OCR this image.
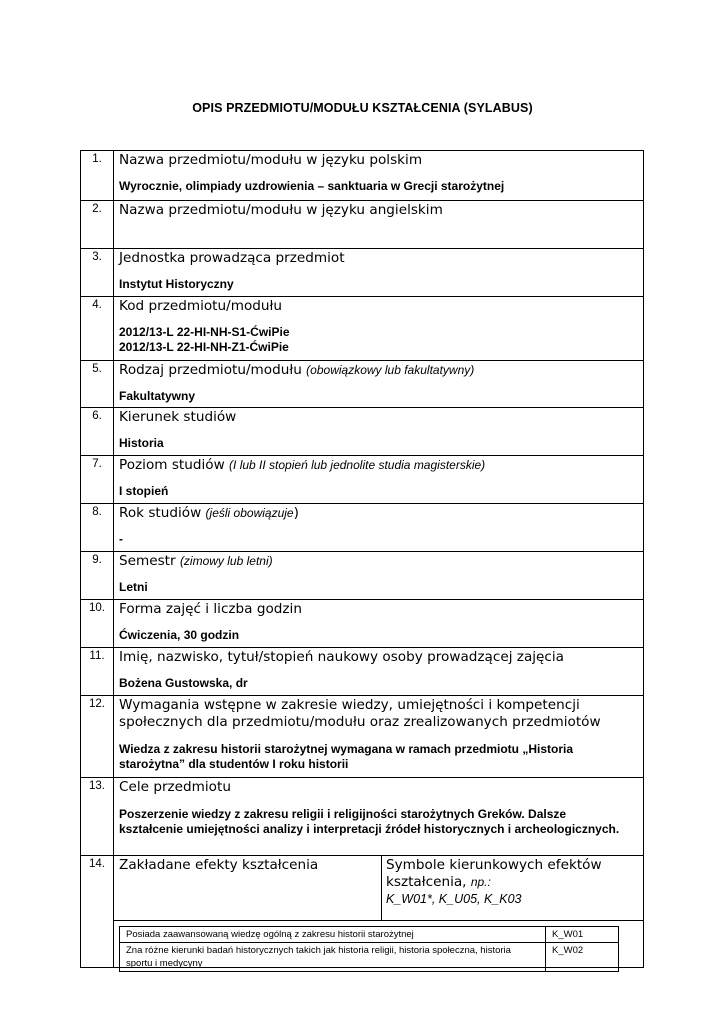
OPIS PRZEDMIOTU/MODUŁU KSZTAŁCENIA (SYLABUS)
1.	Nazwa przedmiotu/modułu w języku polskim
Wyrocznie, olimpiady uzdrowienia – sanktuaria w Grecji starożytnej
2.	Nazwa przedmiotu/modułu w języku angielskim
3.	Jednostka prowadząca przedmiot
Instytut Historyczny
4.	Kod przedmiotu/modułu
2012/13-L 22-HI-NH-S1-ĆwiPie
2012/13-L 22-HI-NH-Z1-ĆwiPie
5.	Rodzaj przedmiotu/modułu (obowiązkowy lub fakultatywny)
Fakultatywny
6.	Kierunek studiów
Historia
7.	Poziom studiów (I lub II stopień lub jednolite studia magisterskie)
I stopień
8.	Rok studiów (jeśli obowiązuje)
-
9.	Semestr (zimowy lub letni)
Letni
10.	Forma zajęć i liczba godzin
Ćwiczenia, 30 godzin
11.	Imię, nazwisko, tytuł/stopień naukowy osoby prowadzącej zajęcia
Bożena Gustowska, dr
12.	Wymagania wstępne w zakresie wiedzy, umiejętności i kompetencji społecznych dla przedmiotu/modułu oraz zrealizowanych przedmiotów
Wiedza z zakresu historii starożytnej wymagana w ramach przedmiotu „Historia starożytna” dla studentów I roku historii
13.	Cele przedmiotu
Poszerzenie wiedzy z zakresu religii i religijności starożytnych Greków. Dalsze kształcenie umiejętności analizy i interpretacji źródeł historycznych i archeologicznych.
14.	Zakładane efekty kształcenia	Symbole kierunkowych efektów kształcenia, np.:
K_W01*, K_U05, K_K03
Posiada zaawansowaną wiedzę ogólną z zakresu historii starożytnej	K_W01
Zna różne kierunki badań historycznych takich jak historia religii, historia społeczna, historia sportu i medycyny	K_W02
